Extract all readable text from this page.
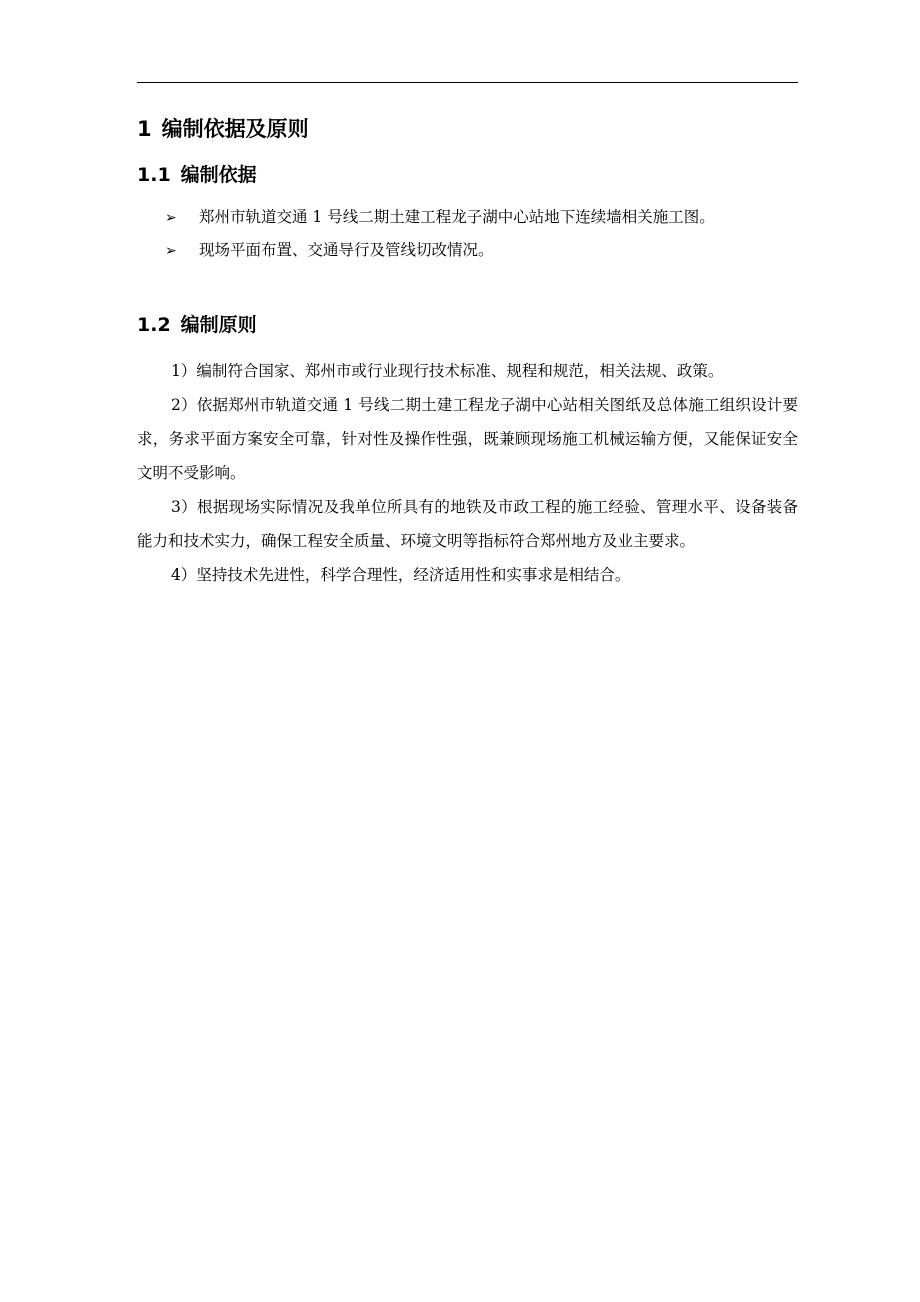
1 编制依据及原则
1.1 编制依据
➢ 郑州市轨道交通 1 号线二期土建工程龙子湖中心站地下连续墙相关施工图。
➢ 现场平面布置、交通导行及管线切改情况。
1.2 编制原则

1）编制符合国家、郑州市或行业现行技术标准、规程和规范，相关法规、政策。

2）依据郑州市轨道交通 1 号线二期土建工程龙子湖中心站相关图纸及总体施工组织设计要求，务求平面方案安全可靠，针对性及操作性强，既兼顾现场施工机械运输方便，又能保证安全文明不受影响。

3）根据现场实际情况及我单位所具有的地铁及市政工程的施工经验、管理水平、设备装备能力和技术实力，确保工程安全质量、环境文明等指标符合郑州地方及业主要求。

4）坚持技术先进性，科学合理性，经济适用性和实事求是相结合。
